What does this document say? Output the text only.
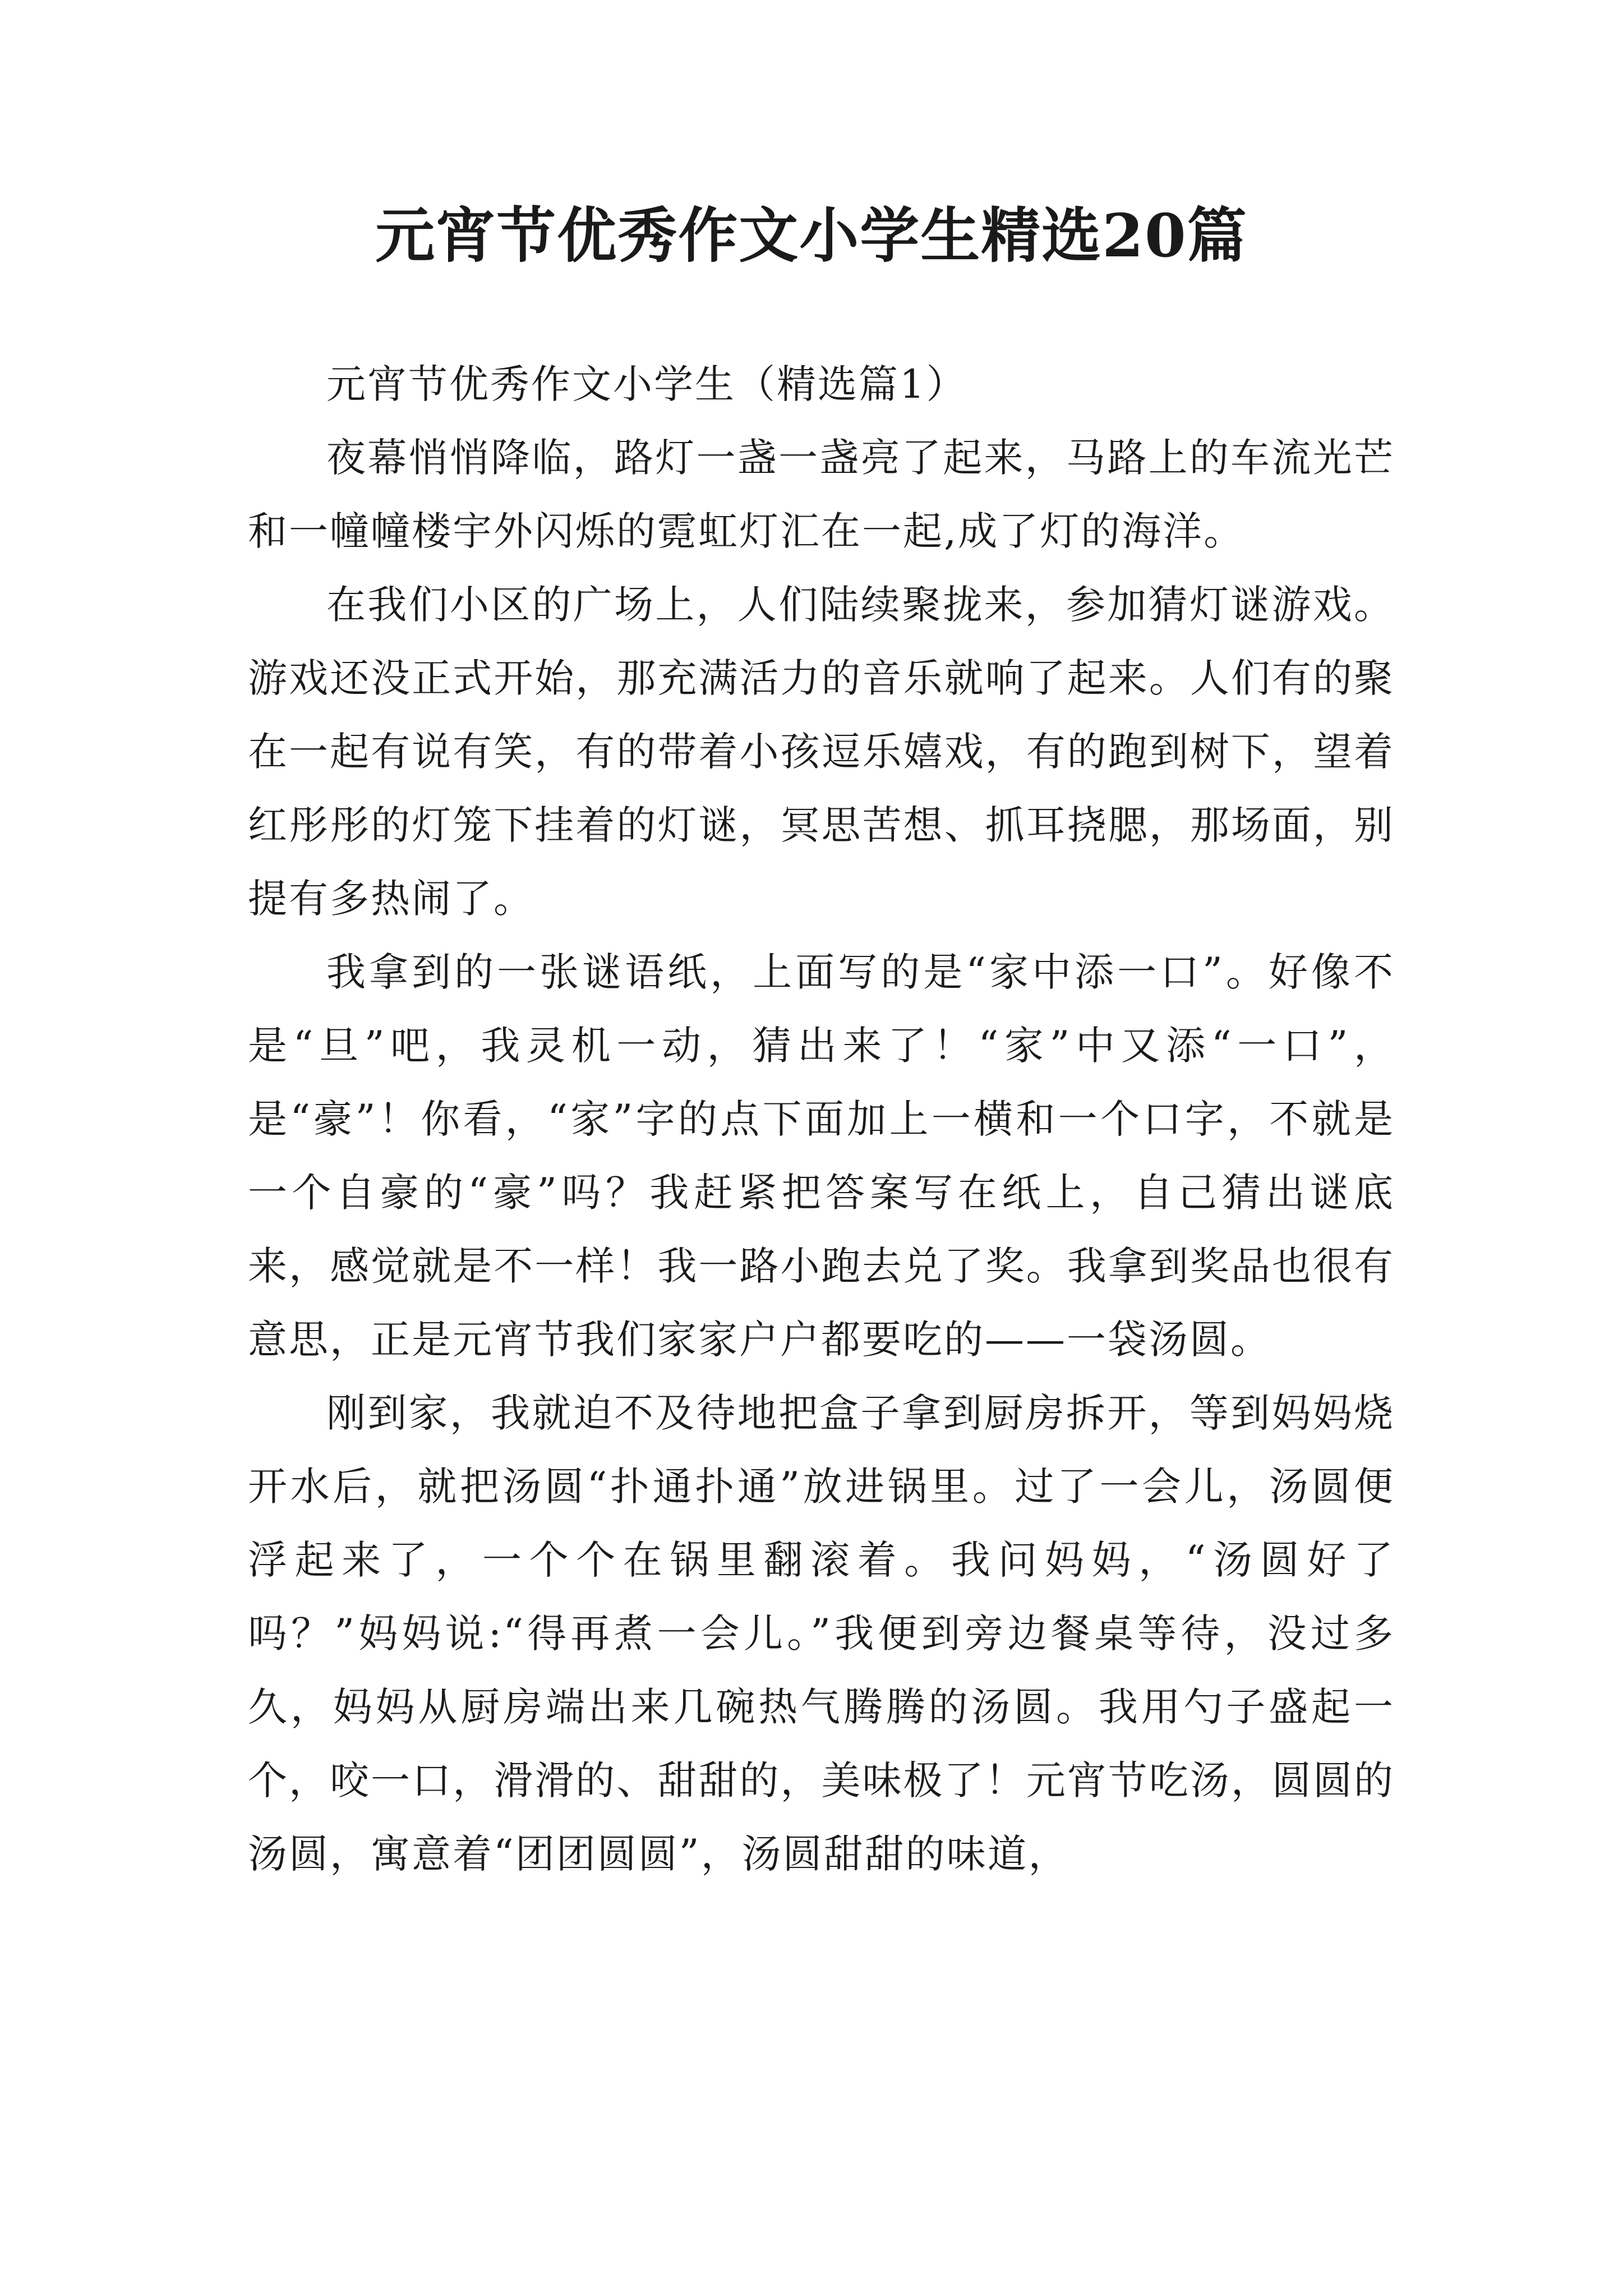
元宵节优秀作文小学生精选20篇

元宵节优秀作文小学生（精选篇1）

夜幕悄悄降临，路灯一盏一盏亮了起来，马路上的车流光芒和一幢幢楼宇外闪烁的霓虹灯汇在一起,成了灯的海洋。

在我们小区的广场上，人们陆续聚拢来，参加猜灯谜游戏。游戏还没正式开始，那充满活力的音乐就响了起来。人们有的聚在一起有说有笑，有的带着小孩逗乐嬉戏，有的跑到树下，望着红彤彤的灯笼下挂着的灯谜，冥思苦想、抓耳挠腮，那场面，别提有多热闹了。

我拿到的一张谜语纸，上面写的是“家中添一口”。好像不是“旦”吧，我灵机一动，猜出来了！“家”中又添“一口”，是“豪”！你看，“家”字的点下面加上一横和一个口字，不就是一个自豪的“豪”吗？我赶紧把答案写在纸上，自己猜出谜底来，感觉就是不一样！我一路小跑去兑了奖。我拿到奖品也很有意思，正是元宵节我们家家户户都要吃的——一袋汤圆。

刚到家，我就迫不及待地把盒子拿到厨房拆开，等到妈妈烧开水后，就把汤圆“扑通扑通”放进锅里。过了一会儿，汤圆便浮起来了，一个个在锅里翻滚着。我问妈妈，“汤圆好了吗？”妈妈说:“得再煮一会儿。”我便到旁边餐桌等待，没过多久，妈妈从厨房端出来几碗热气腾腾的汤圆。我用勺子盛起一个，咬一口，滑滑的、甜甜的，美味极了！元宵节吃汤，圆圆的汤圆，寓意着“团团圆圆”，汤圆甜甜的味道，
